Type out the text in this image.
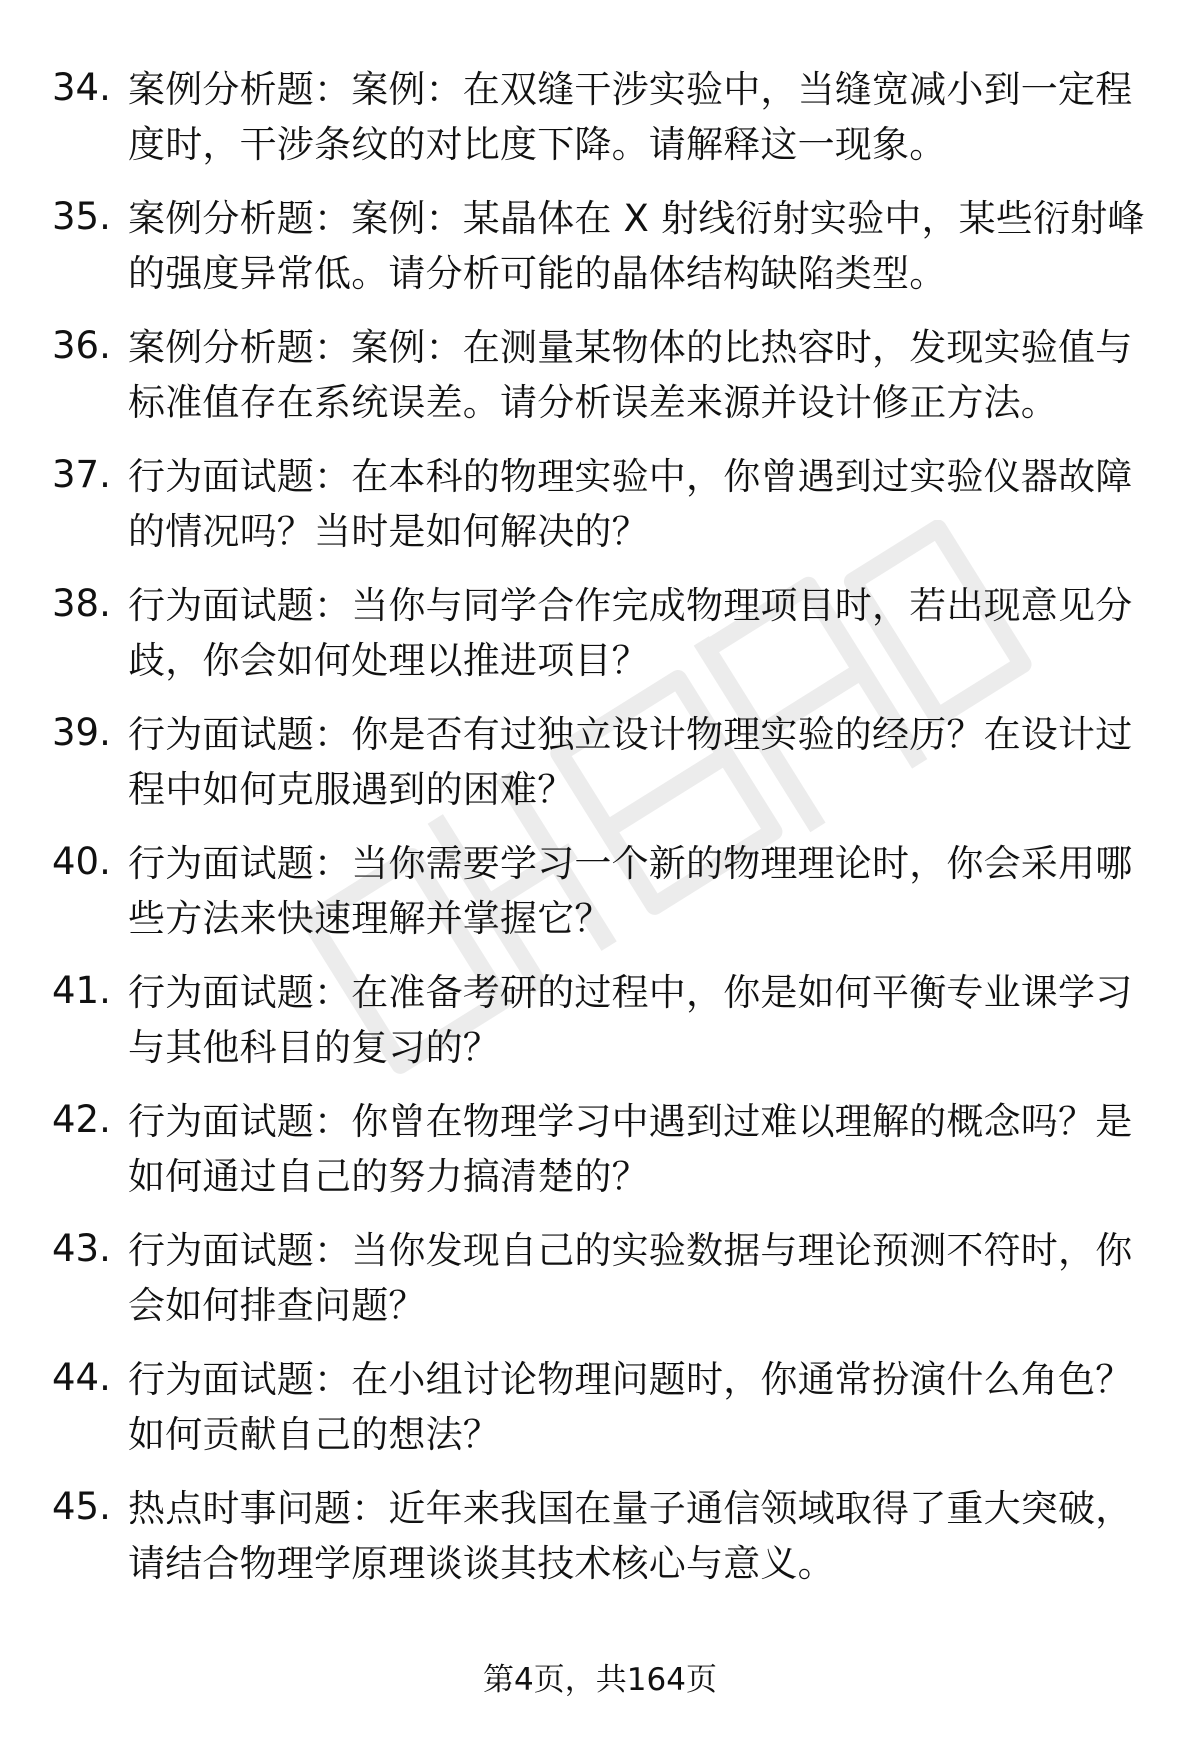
34. 案例分析题：案例：在双缝干涉实验中，当缝宽减小到一定程度时，干涉条纹的对比度下降。请解释这一现象。
35. 案例分析题：案例：某晶体在 X 射线衍射实验中，某些衍射峰的强度异常低。请分析可能的晶体结构缺陷类型。
36. 案例分析题：案例：在测量某物体的比热容时，发现实验值与标准值存在系统误差。请分析误差来源并设计修正方法。
37. 行为面试题：在本科的物理实验中，你曾遇到过实验仪器故障的情况吗？当时是如何解决的？
38. 行为面试题：当你与同学合作完成物理项目时，若出现意见分歧，你会如何处理以推进项目？
39. 行为面试题：你是否有过独立设计物理实验的经历？在设计过程中如何克服遇到的困难？
40. 行为面试题：当你需要学习一个新的物理理论时，你会采用哪些方法来快速理解并掌握它？
41. 行为面试题：在准备考研的过程中，你是如何平衡专业课学习与其他科目的复习的？
42. 行为面试题：你曾在物理学习中遇到过难以理解的概念吗？是如何通过自己的努力搞清楚的？
43. 行为面试题：当你发现自己的实验数据与理论预测不符时，你会如何排查问题？
44. 行为面试题：在小组讨论物理问题时，你通常扮演什么角色？如何贡献自己的想法？
45. 热点时事问题：近年来我国在量子通信领域取得了重大突破，请结合物理学原理谈谈其技术核心与意义。
第4页，共164页
